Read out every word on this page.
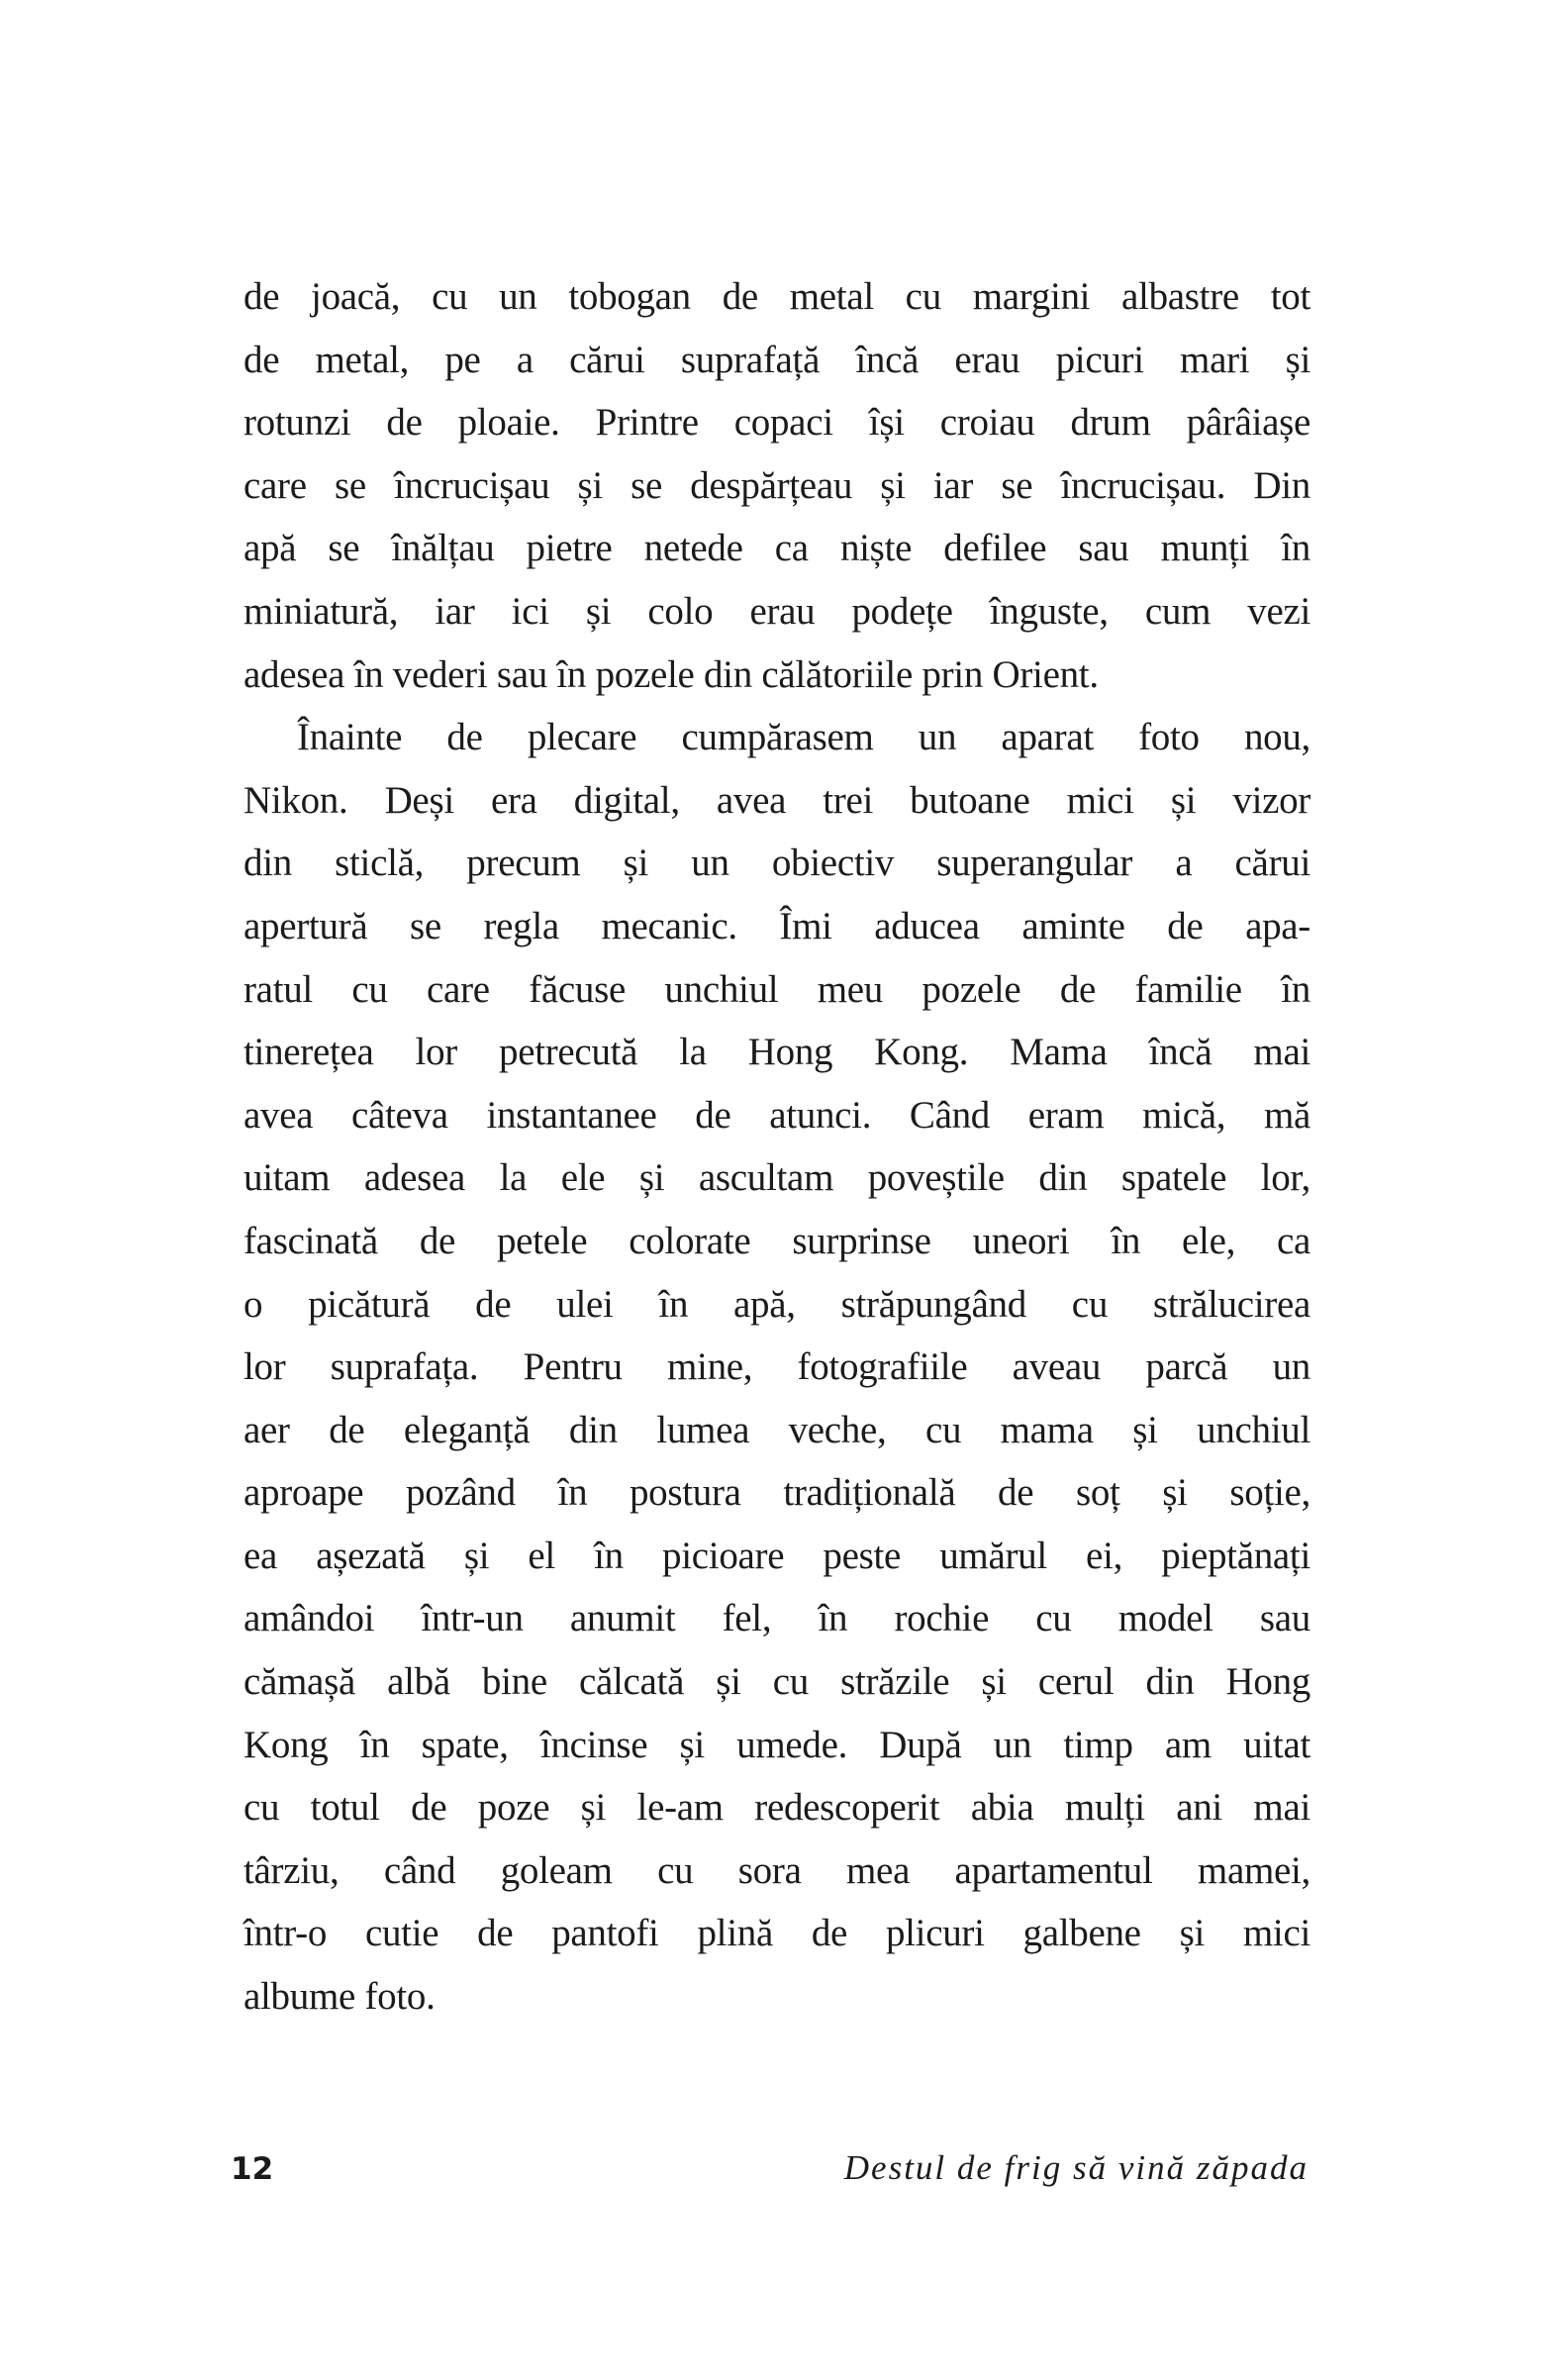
de joacă, cu un tobogan de metal cu margini albastre tot
de metal, pe a cărui suprafață încă erau picuri mari și
rotunzi de ploaie. Printre copaci își croiau drum pârâiașe
care se încrucișau și se despărțeau și iar se încrucișau. Din
apă se înălțau pietre netede ca niște defilee sau munți în
miniatură, iar ici și colo erau podețe înguste, cum vezi
adesea în vederi sau în pozele din călătoriile prin Orient.
Înainte de plecare cumpărasem un aparat foto nou,
Nikon. Deși era digital, avea trei butoane mici și vizor
din sticlă, precum și un obiectiv superangular a cărui
apertură se regla mecanic. Îmi aducea aminte de apa-
ratul cu care făcuse unchiul meu pozele de familie în
tinerețea lor petrecută la Hong Kong. Mama încă mai
avea câteva instantanee de atunci. Când eram mică, mă
uitam adesea la ele și ascultam poveștile din spatele lor,
fascinată de petele colorate surprinse uneori în ele, ca
o picătură de ulei în apă, străpungând cu strălucirea
lor suprafața. Pentru mine, fotografiile aveau parcă un
aer de eleganță din lumea veche, cu mama și unchiul
aproape pozând în postura tradițională de soț și soție,
ea așezată și el în picioare peste umărul ei, pieptănați
amândoi într-un anumit fel, în rochie cu model sau
cămașă albă bine călcată și cu străzile și cerul din Hong
Kong în spate, încinse și umede. După un timp am uitat
cu totul de poze și le-am redescoperit abia mulți ani mai
târziu, când goleam cu sora mea apartamentul mamei,
într-o cutie de pantofi plină de plicuri galbene și mici
albume foto.
12	Destul de frig să vină zăpada
